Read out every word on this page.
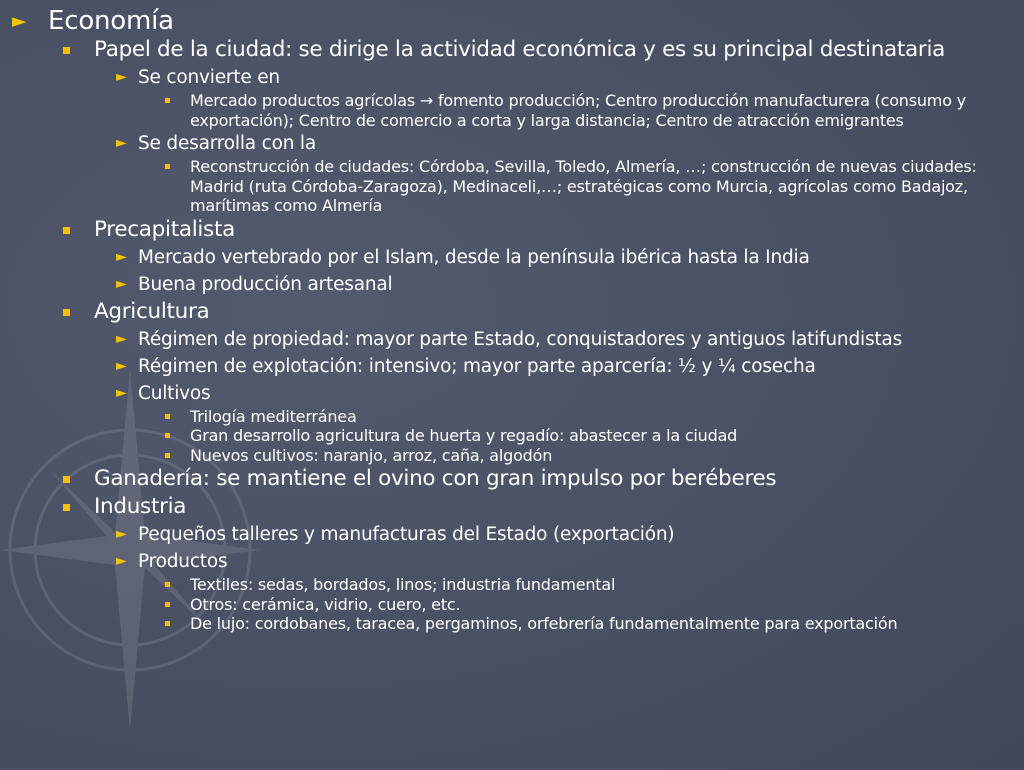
► Economía
Papel de la ciudad: se dirige la actividad económica y es su principal destinataria
► Se convierte en
Mercado productos agrícolas → fomento producción; Centro producción manufacturera (consumo y exportación); Centro de comercio a corta y larga distancia; Centro de atracción emigrantes
► Se desarrolla con la
Reconstrucción de ciudades: Córdoba, Sevilla, Toledo, Almería, …; construcción de nuevas ciudades: Madrid (ruta Córdoba-Zaragoza), Medinaceli,…; estratégicas como Murcia, agrícolas como Badajoz, marítimas como Almería
Precapitalista
► Mercado vertebrado por el Islam, desde la península ibérica hasta la India
► Buena producción artesanal
Agricultura
► Régimen de propiedad: mayor parte Estado, conquistadores y antiguos latifundistas
► Régimen de explotación: intensivo; mayor parte aparcería: ½ y ¼ cosecha
► Cultivos
Trilogía mediterránea
Gran desarrollo agricultura de huerta y regadío: abastecer a la ciudad
Nuevos cultivos: naranjo, arroz, caña, algodón
Ganadería: se mantiene el ovino con gran impulso por beréberes
Industria
► Pequeños talleres y manufacturas del Estado (exportación)
► Productos
Textiles: sedas, bordados, linos; industria fundamental
Otros: cerámica, vidrio, cuero, etc.
De lujo: cordobanes, taracea, pergaminos, orfebrería fundamentalmente para exportación
